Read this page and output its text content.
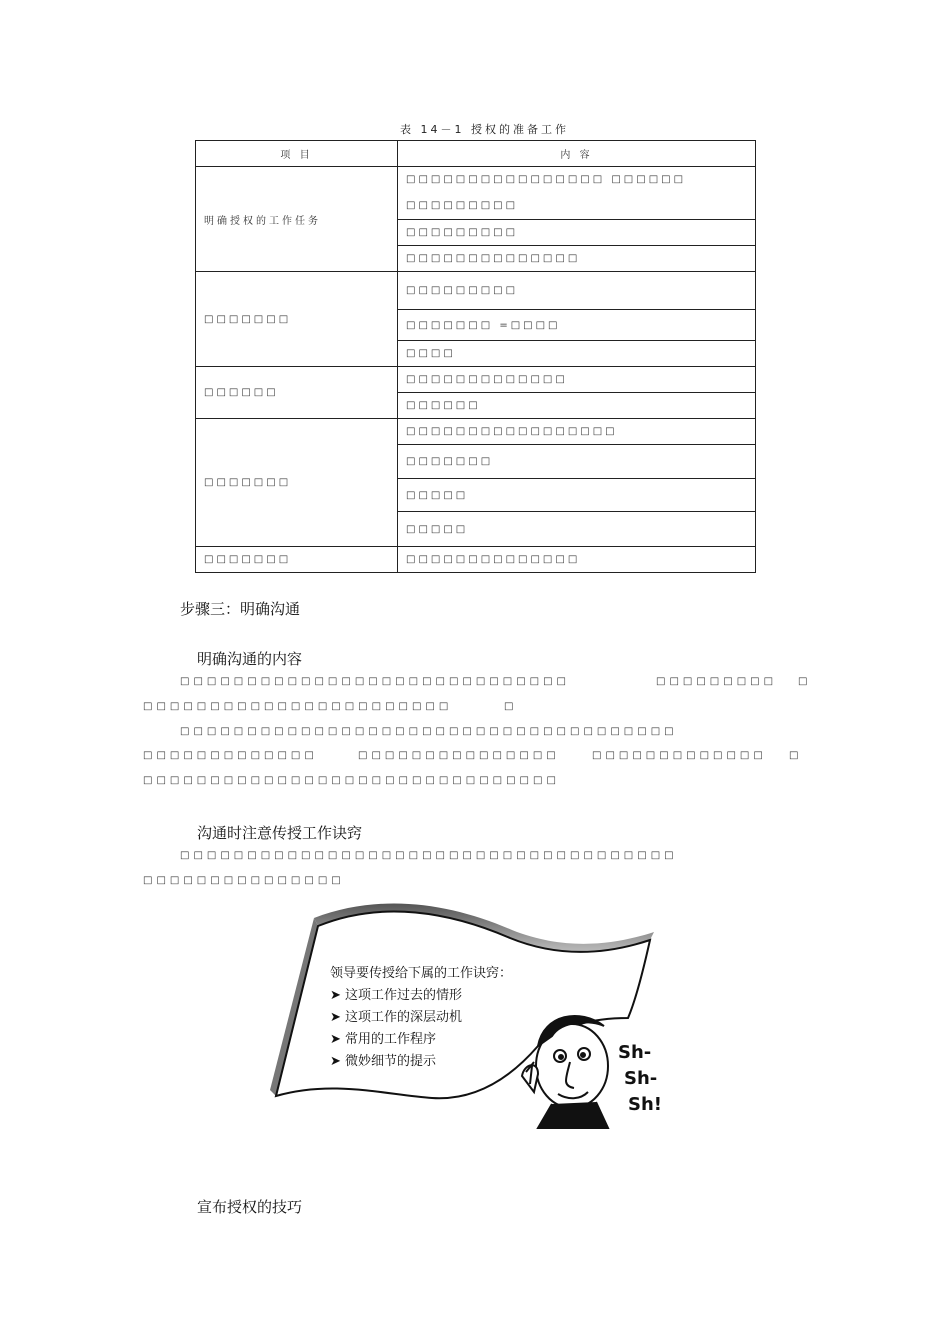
表 14－1 授权的准备工作
项 目	内 容
明确授权的工作任务	□□□□□□□□□□□□□□□□ □□□□□□
□□□□□□□□□
	□□□□□□□□□
	□□□□□□□□□□□□□□
□□□□□□□	□□□□□□□□□
	□□□□□□□ =□□□□
	□□□□
□□□□□□	□□□□□□□□□□□□□
	□□□□□□
□□□□□□□	□□□□□□□□□□□□□□□□□
	□□□□□□□
	□□□□□
	□□□□□
□□□□□□□	□□□□□□□□□□□□□□
步骤三：明确沟通
明确沟通的内容
□□□□□□□□□□□□□□□□□□□□□□□□□□□□□	□□□□□□□□□ □
□□□□□□□□□□□□□□□□□□□□□□□	□
□□□□□□□□□□□□□□□□□□□□□□□□□□□□□□□□□□□□□
□□□□□□□□□□□□□	□□□□□□□□□□□□□□□	□□□□□□□□□□□□□ □
□□□□□□□□□□□□□□□□□□□□□□□□□□□□□□□
沟通时注意传授工作诀窍
□□□□□□□□□□□□□□□□□□□□□□□□□□□□□□□□□□□□□
□□□□□□□□□□□□□□□
Sh-
Sh-
Sh!
领导要传授给下属的工作诀窍：
➤ 这项工作过去的情形
➤ 这项工作的深层动机
➤ 常用的工作程序
➤ 微妙细节的提示
宣布授权的技巧
